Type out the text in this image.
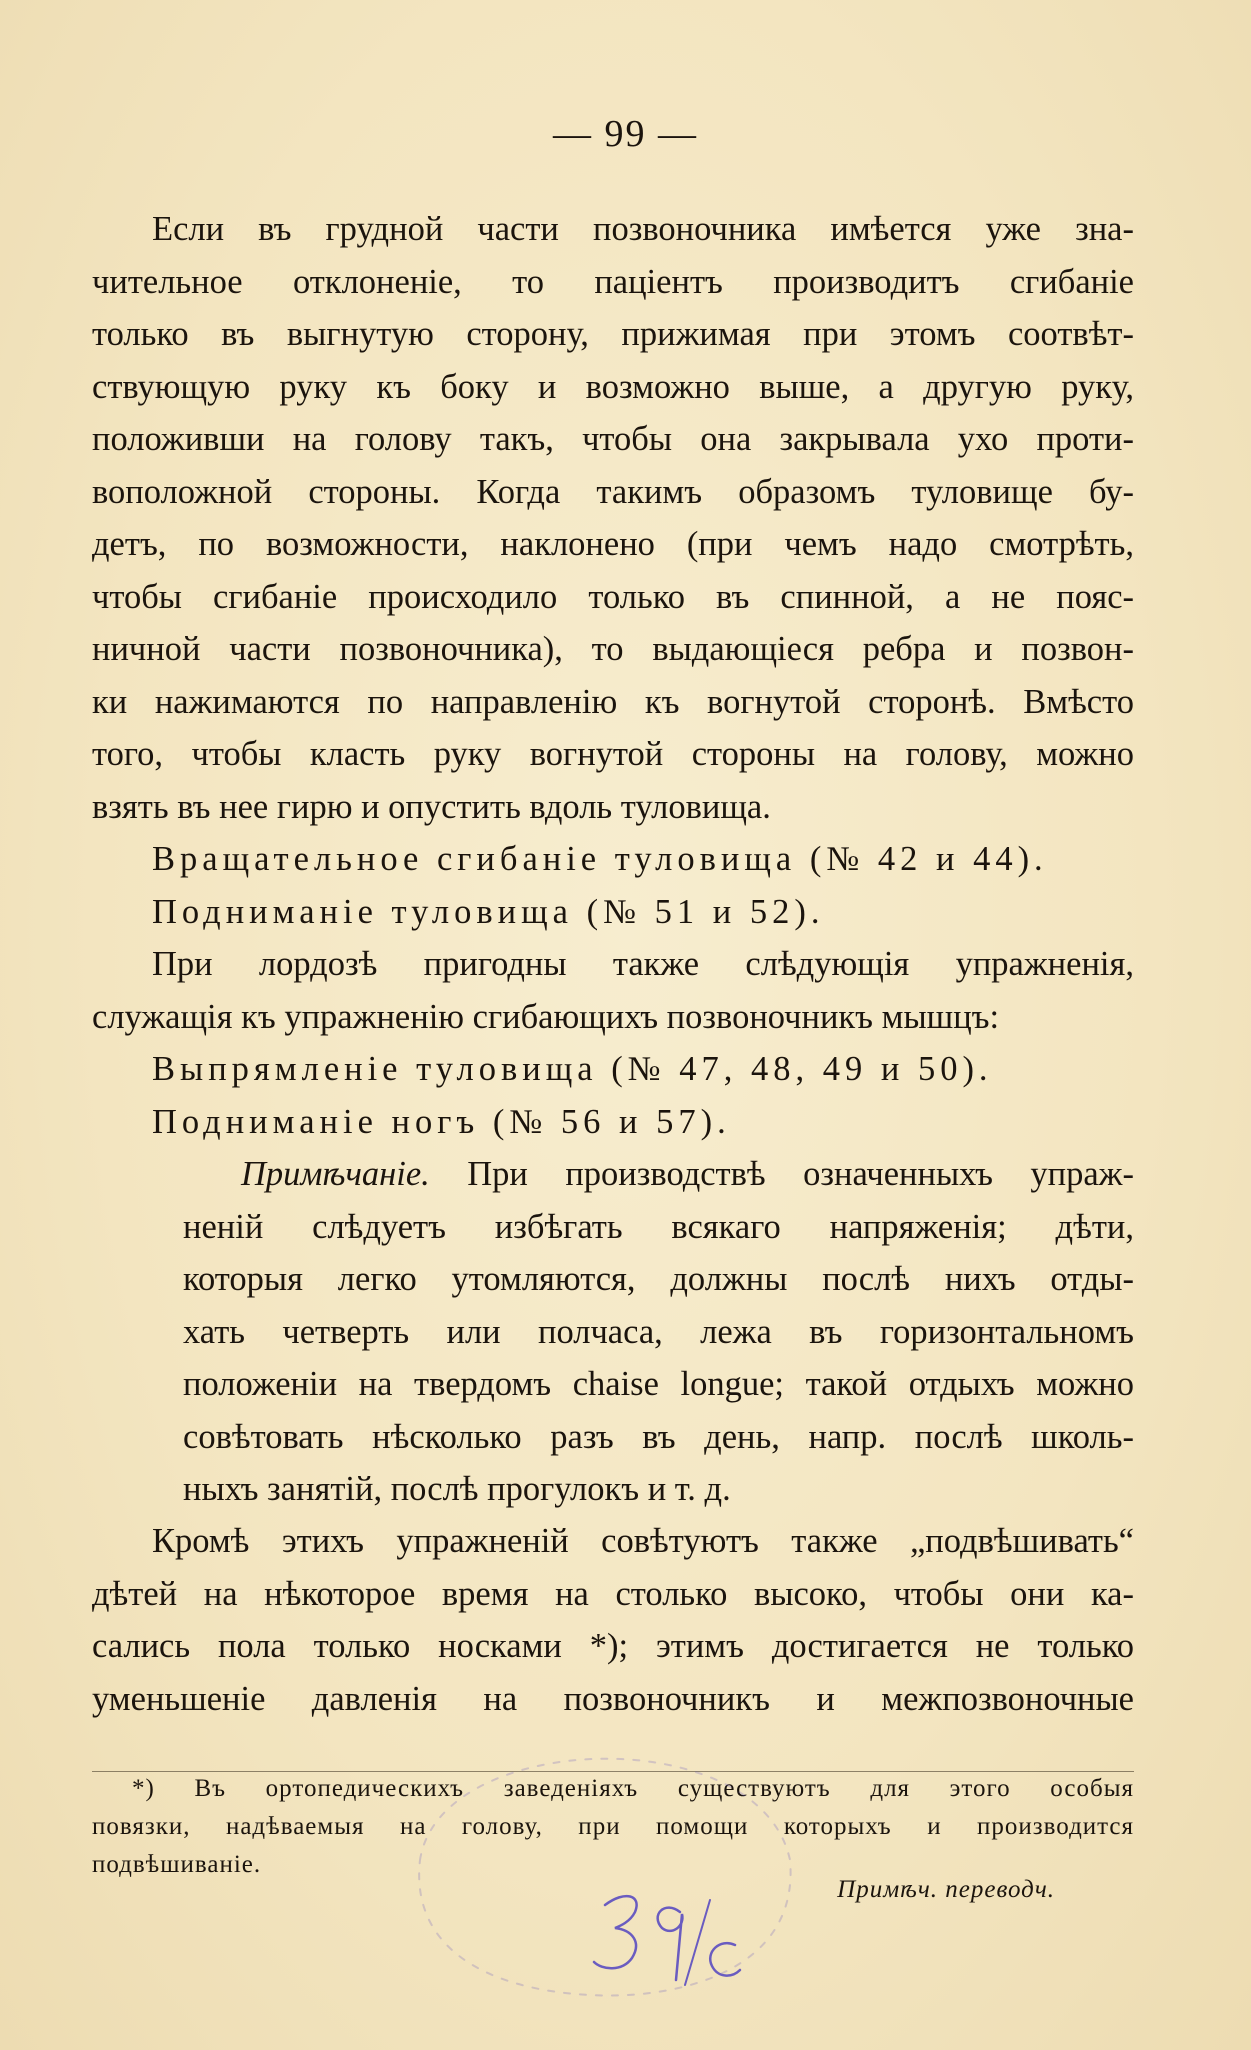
— 99 —
Если въ грудной части позвоночника имѣется уже зна-
чительное отклоненіе, то паціентъ производитъ сгибаніе
только въ выгнутую сторону, прижимая при этомъ соотвѣт-
ствующую руку къ боку и возможно выше, а другую руку,
положивши на голову такъ, чтобы она закрывала ухо проти-
воположной стороны. Когда такимъ образомъ туловище бу-
детъ, по возможности, наклонено (при чемъ надо смотрѣть,
чтобы сгибаніе происходило только въ спинной, а не пояс-
ничной части позвоночника), то выдающіеся ребра и позвон-
ки нажимаются по направленію къ вогнутой сторонѣ. Вмѣсто
того, чтобы класть руку вогнутой стороны на голову, можно
взять въ нее гирю и опустить вдоль туловища.
Вращательное сгибаніе туловища (№ 42 и 44).
Подниманіе туловища (№ 51 и 52).
При лордозѣ пригодны также слѣдующія упражненія,
служащія къ упражненію сгибающихъ позвоночникъ мышцъ:
Выпрямленіе туловища (№ 47, 48, 49 и 50).
Подниманіе ногъ (№ 56 и 57).
Примѣчаніе. При производствѣ означенныхъ упраж-
неній слѣдуетъ избѣгать всякаго напряженія; дѣти,
которыя легко утомляются, должны послѣ нихъ отды-
хать четверть или полчаса, лежа въ горизонтальномъ
положеніи на твердомъ chaise longue; такой отдыхъ можно
совѣтовать нѣсколько разъ въ день, напр. послѣ школь-
ныхъ занятій, послѣ прогулокъ и т. д.
Кромѣ этихъ упражненій совѣтуютъ также „подвѣшивать“
дѣтей на нѣкоторое время на столько высоко, чтобы они ка-
сались пола только носками *); этимъ достигается не только
уменьшеніе давленія на позвоночникъ и межпозвоночные
*) Въ ортопедическихъ заведеніяхъ существуютъ для этого особыя
повязки, надѣваемыя на голову, при помощи которыхъ и производится
подвѣшиваніе.
Примѣч. переводч.
